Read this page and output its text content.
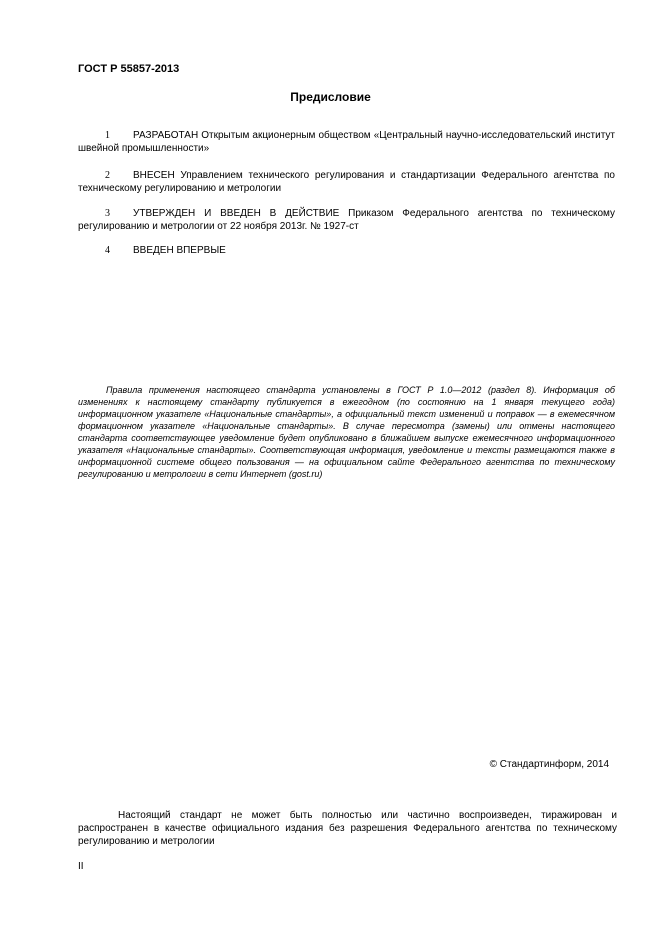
ГОСТ Р 55857-2013
Предисловие
1 РАЗРАБОТАН Открытым акционерным обществом «Центральный научно-исследовательский институт швейной промышленности»
2 ВНЕСЕН Управлением технического регулирования и стандартизации Федерального агентства по техническому регулированию и метрологии
3 УТВЕРЖДЕН И ВВЕДЕН В ДЕЙСТВИЕ Приказом Федерального агентства по техническому регулированию и метрологии от 22 ноября 2013г. № 1927-ст
4 ВВЕДЕН ВПЕРВЫЕ
Правила применения настоящего стандарта установлены в ГОСТ Р 1.0—2012 (раздел 8). Информация об изменениях к настоящему стандарту публикуется в ежегодном (по состоянию на 1 января текущего года) информационном указателе «Национальные стандарты», а официальный текст изменений и поправок — в ежемесячном формационном указателе «Национальные стандарты». В случае пересмотра (замены) или отмены настоящего стандарта соответствующее уведомление будет опубликовано в ближайшем выпуске ежемесячного информационного указателя «Национальные стандарты». Соответствующая информация, уведомление и тексты размещаются также в информационной системе общего пользования — на официальном сайте Федерального агентства по техническому регулированию и метрологии в сети Интернет (gost.ru)
© Стандартинформ, 2014
Настоящий стандарт не может быть полностью или частично воспроизведен, тиражирован и распространен в качестве официального издания без разрешения Федерального агентства по техническому регулированию и метрологии
II
